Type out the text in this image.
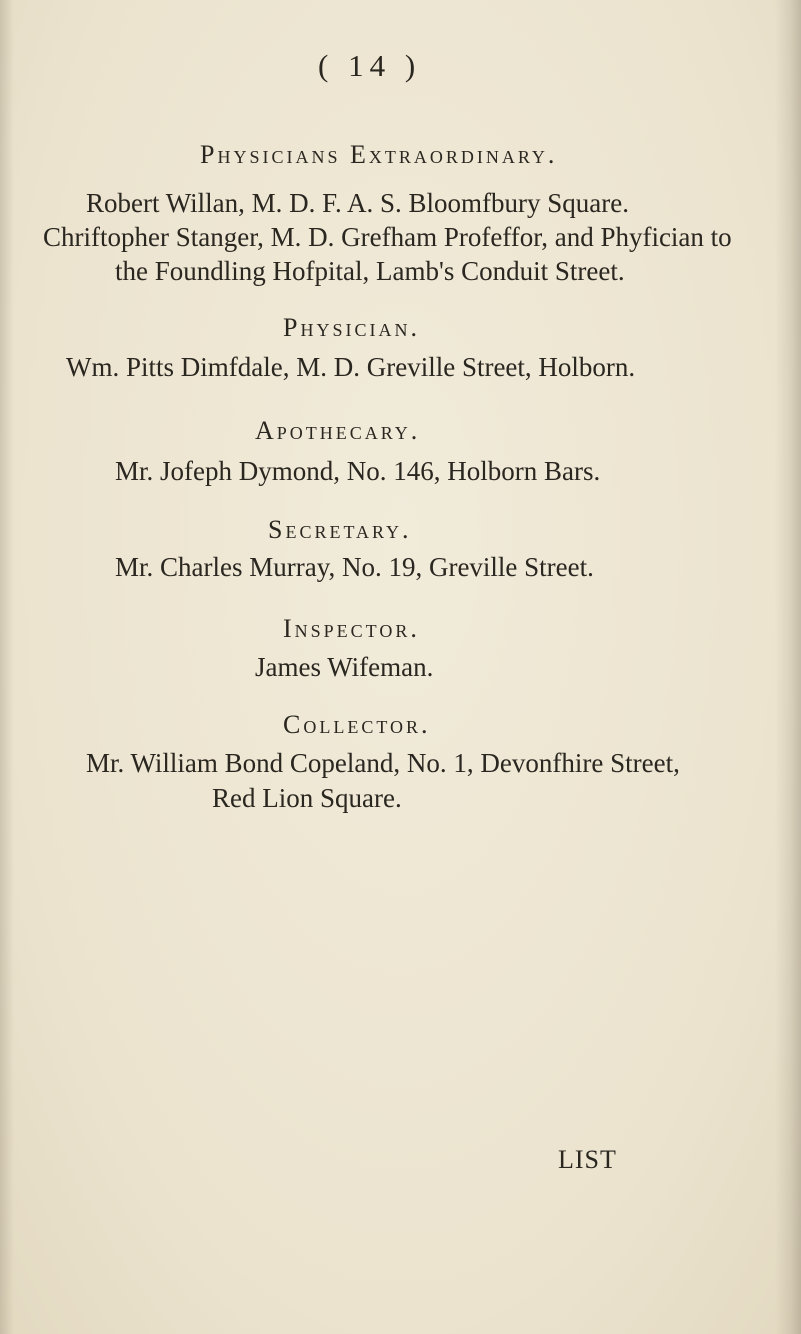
( 14 )
Physicians Extraordinary.
Robert Willan, M. D. F. A. S. Bloomfbury Square.
Chriftopher Stanger, M. D. Grefham Profeffor, and Phyfician to
the Foundling Hofpital, Lamb's Conduit Street.
Physician.
Wm. Pitts Dimfdale, M. D. Greville Street, Holborn.
Apothecary.
Mr. Jofeph Dymond, No. 146, Holborn Bars.
Secretary.
Mr. Charles Murray, No. 19, Greville Street.
Inspector.
James Wifeman.
Collector.
Mr. William Bond Copeland, No. 1, Devonfhire Street,
Red Lion Square.
LIST
